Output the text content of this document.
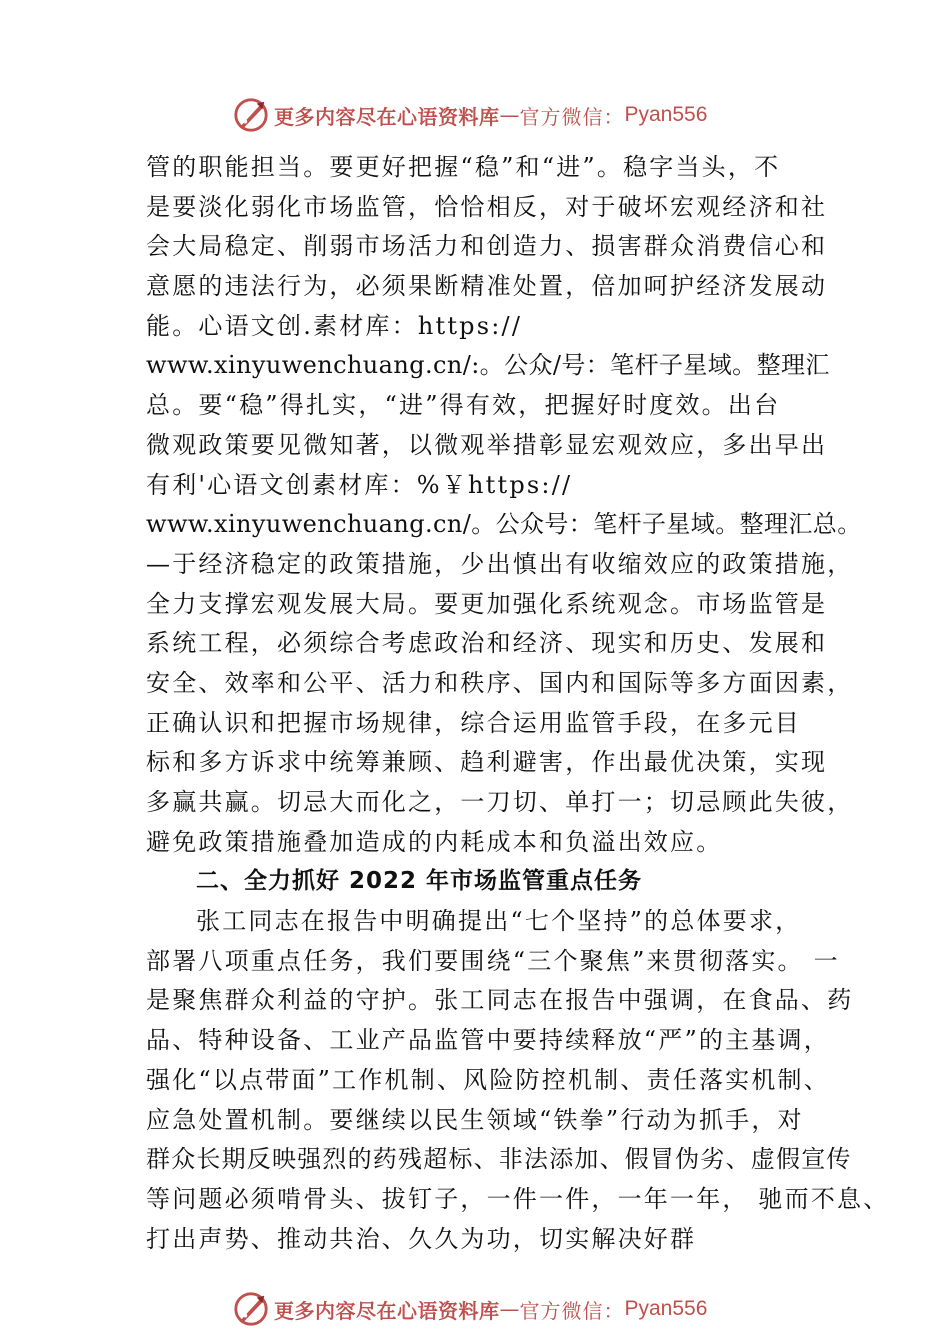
更多内容尽在心语资料库 — 官方微信： Pyan556
管的职能担当。要更好把握“稳”和“进”。稳字当头，不
是要淡化弱化市场监管，恰恰相反，对于破坏宏观经济和社
会大局稳定、削弱市场活力和创造力、损害群众消费信心和
意愿的违法行为，必须果断精准处置，倍加呵护经济发展动
能。心语文创.素材库：https://
www.xinyuwenchuang.cn/:。公众/号：笔杆子星域。整理汇
总。要“稳”得扎实，“进”得有效，把握好时度效。出台
微观政策要见微知著，以微观举措彰显宏观效应，多出早出
有利'心语文创素材库：%￥https://
www.xinyuwenchuang.cn/。公众号：笔杆子星域。整理汇总。
—于经济稳定的政策措施，少出慎出有收缩效应的政策措施，
全力支撑宏观发展大局。要更加强化系统观念。市场监管是
系统工程，必须综合考虑政治和经济、现实和历史、发展和
安全、效率和公平、活力和秩序、国内和国际等多方面因素，
正确认识和把握市场规律，综合运用监管手段，在多元目
标和多方诉求中统筹兼顾、趋利避害，作出最优决策，实现
多赢共赢。切忌大而化之，一刀切、单打一；切忌顾此失彼，
避免政策措施叠加造成的内耗成本和负溢出效应。
二、全力抓好 2022 年市场监管重点任务
张工同志在报告中明确提出“七个坚持”的总体要求，
部署八项重点任务，我们要围绕“三个聚焦”来贯彻落实。 一
是聚焦群众利益的守护。张工同志在报告中强调，在食品、药
品、特种设备、工业产品监管中要持续释放“严”的主基调，
强化“以点带面”工作机制、风险防控机制、责任落实机制、
应急处置机制。要继续以民生领域“铁拳”行动为抓手，对
群众长期反映强烈的药残超标、非法添加、假冒伪劣、虚假宣传
等问题必须啃骨头、拔钉子，一件一件，一年一年， 驰而不息、
打出声势、推动共治、久久为功，切实解决好群
更多内容尽在心语资料库 — 官方微信： Pyan556
